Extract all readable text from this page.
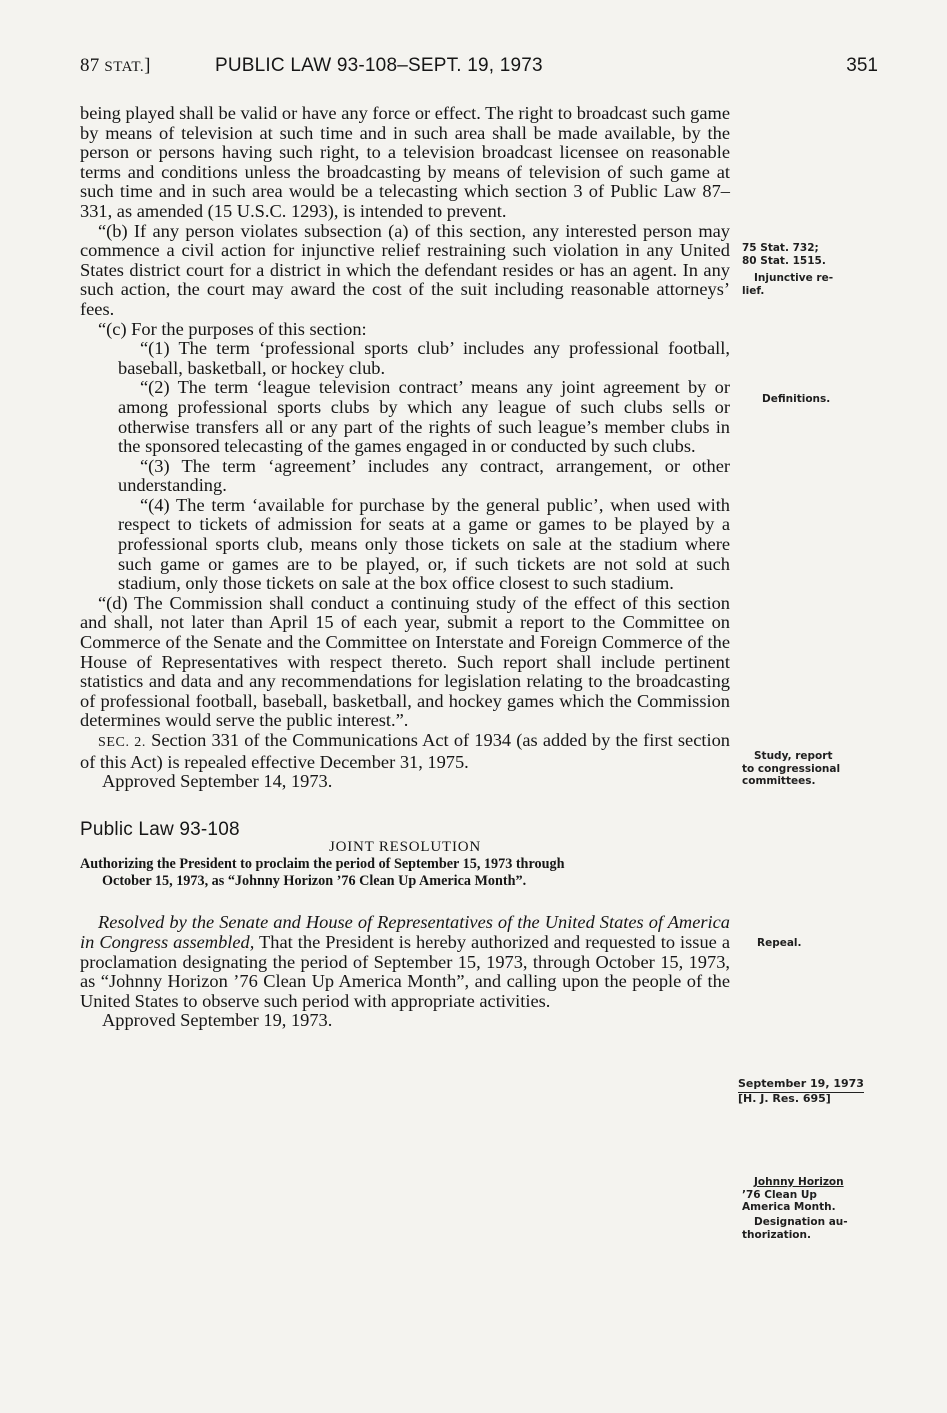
87 STAT.]	PUBLIC LAW 93-108–SEPT. 19, 1973	351

being played shall be valid or have any force or effect. The right to broadcast such game by means of television at such time and in such area shall be made available, by the person or persons having such right, to a television broadcast licensee on reasonable terms and conditions unless the broadcasting by means of television of such game at such time and in such area would be a telecasting which section 3 of Public Law 87–331, as amended (15 U.S.C. 1293), is intended to prevent.

“(b) If any person violates subsection (a) of this section, any interested person may commence a civil action for injunctive relief restraining such violation in any United States district court for a district in which the defendant resides or has an agent. In any such action, the court may award the cost of the suit including reasonable attorneys’ fees.

“(c) For the purposes of this section:

“(1) The term ‘professional sports club’ includes any professional football, baseball, basketball, or hockey club.

“(2) The term ‘league television contract’ means any joint agreement by or among professional sports clubs by which any league of such clubs sells or otherwise transfers all or any part of the rights of such league’s member clubs in the sponsored telecasting of the games engaged in or conducted by such clubs.

“(3) The term ‘agreement’ includes any contract, arrangement, or other understanding.

“(4) The term ‘available for purchase by the general public’, when used with respect to tickets of admission for seats at a game or games to be played by a professional sports club, means only those tickets on sale at the stadium where such game or games are to be played, or, if such tickets are not sold at such stadium, only those tickets on sale at the box office closest to such stadium.

“(d) The Commission shall conduct a continuing study of the effect of this section and shall, not later than April 15 of each year, submit a report to the Committee on Commerce of the Senate and the Committee on Interstate and Foreign Commerce of the House of Representatives with respect thereto. Such report shall include pertinent statistics and data and any recommendations for legislation relating to the broadcasting of professional football, baseball, basketball, and hockey games which the Commission determines would serve the public interest.”.

SEC. 2. Section 331 of the Communications Act of 1934 (as added by the first section of this Act) is repealed effective December 31, 1975.

Approved September 14, 1973.

Public Law 93-108

JOINT RESOLUTION

Authorizing the President to proclaim the period of September 15, 1973 through
October 15, 1973, as “Johnny Horizon ’76 Clean Up America Month”.

Resolved by the Senate and House of Representatives of the United States of America in Congress assembled, That the President is hereby authorized and requested to issue a proclamation designating the period of September 15, 1973, through October 15, 1973, as “Johnny Horizon ’76 Clean Up America Month”, and calling upon the people of the United States to observe such period with appropriate activities.

Approved September 19, 1973.

75 Stat. 732;
80 Stat. 1515.
Injunctive re-
lief.
Definitions.
Study, report
to congressional
committees.
Repeal.
September 19, 1973
[H. J. Res. 695]
Johnny Horizon
’76 Clean Up
America Month.
Designation au-
thorization.
